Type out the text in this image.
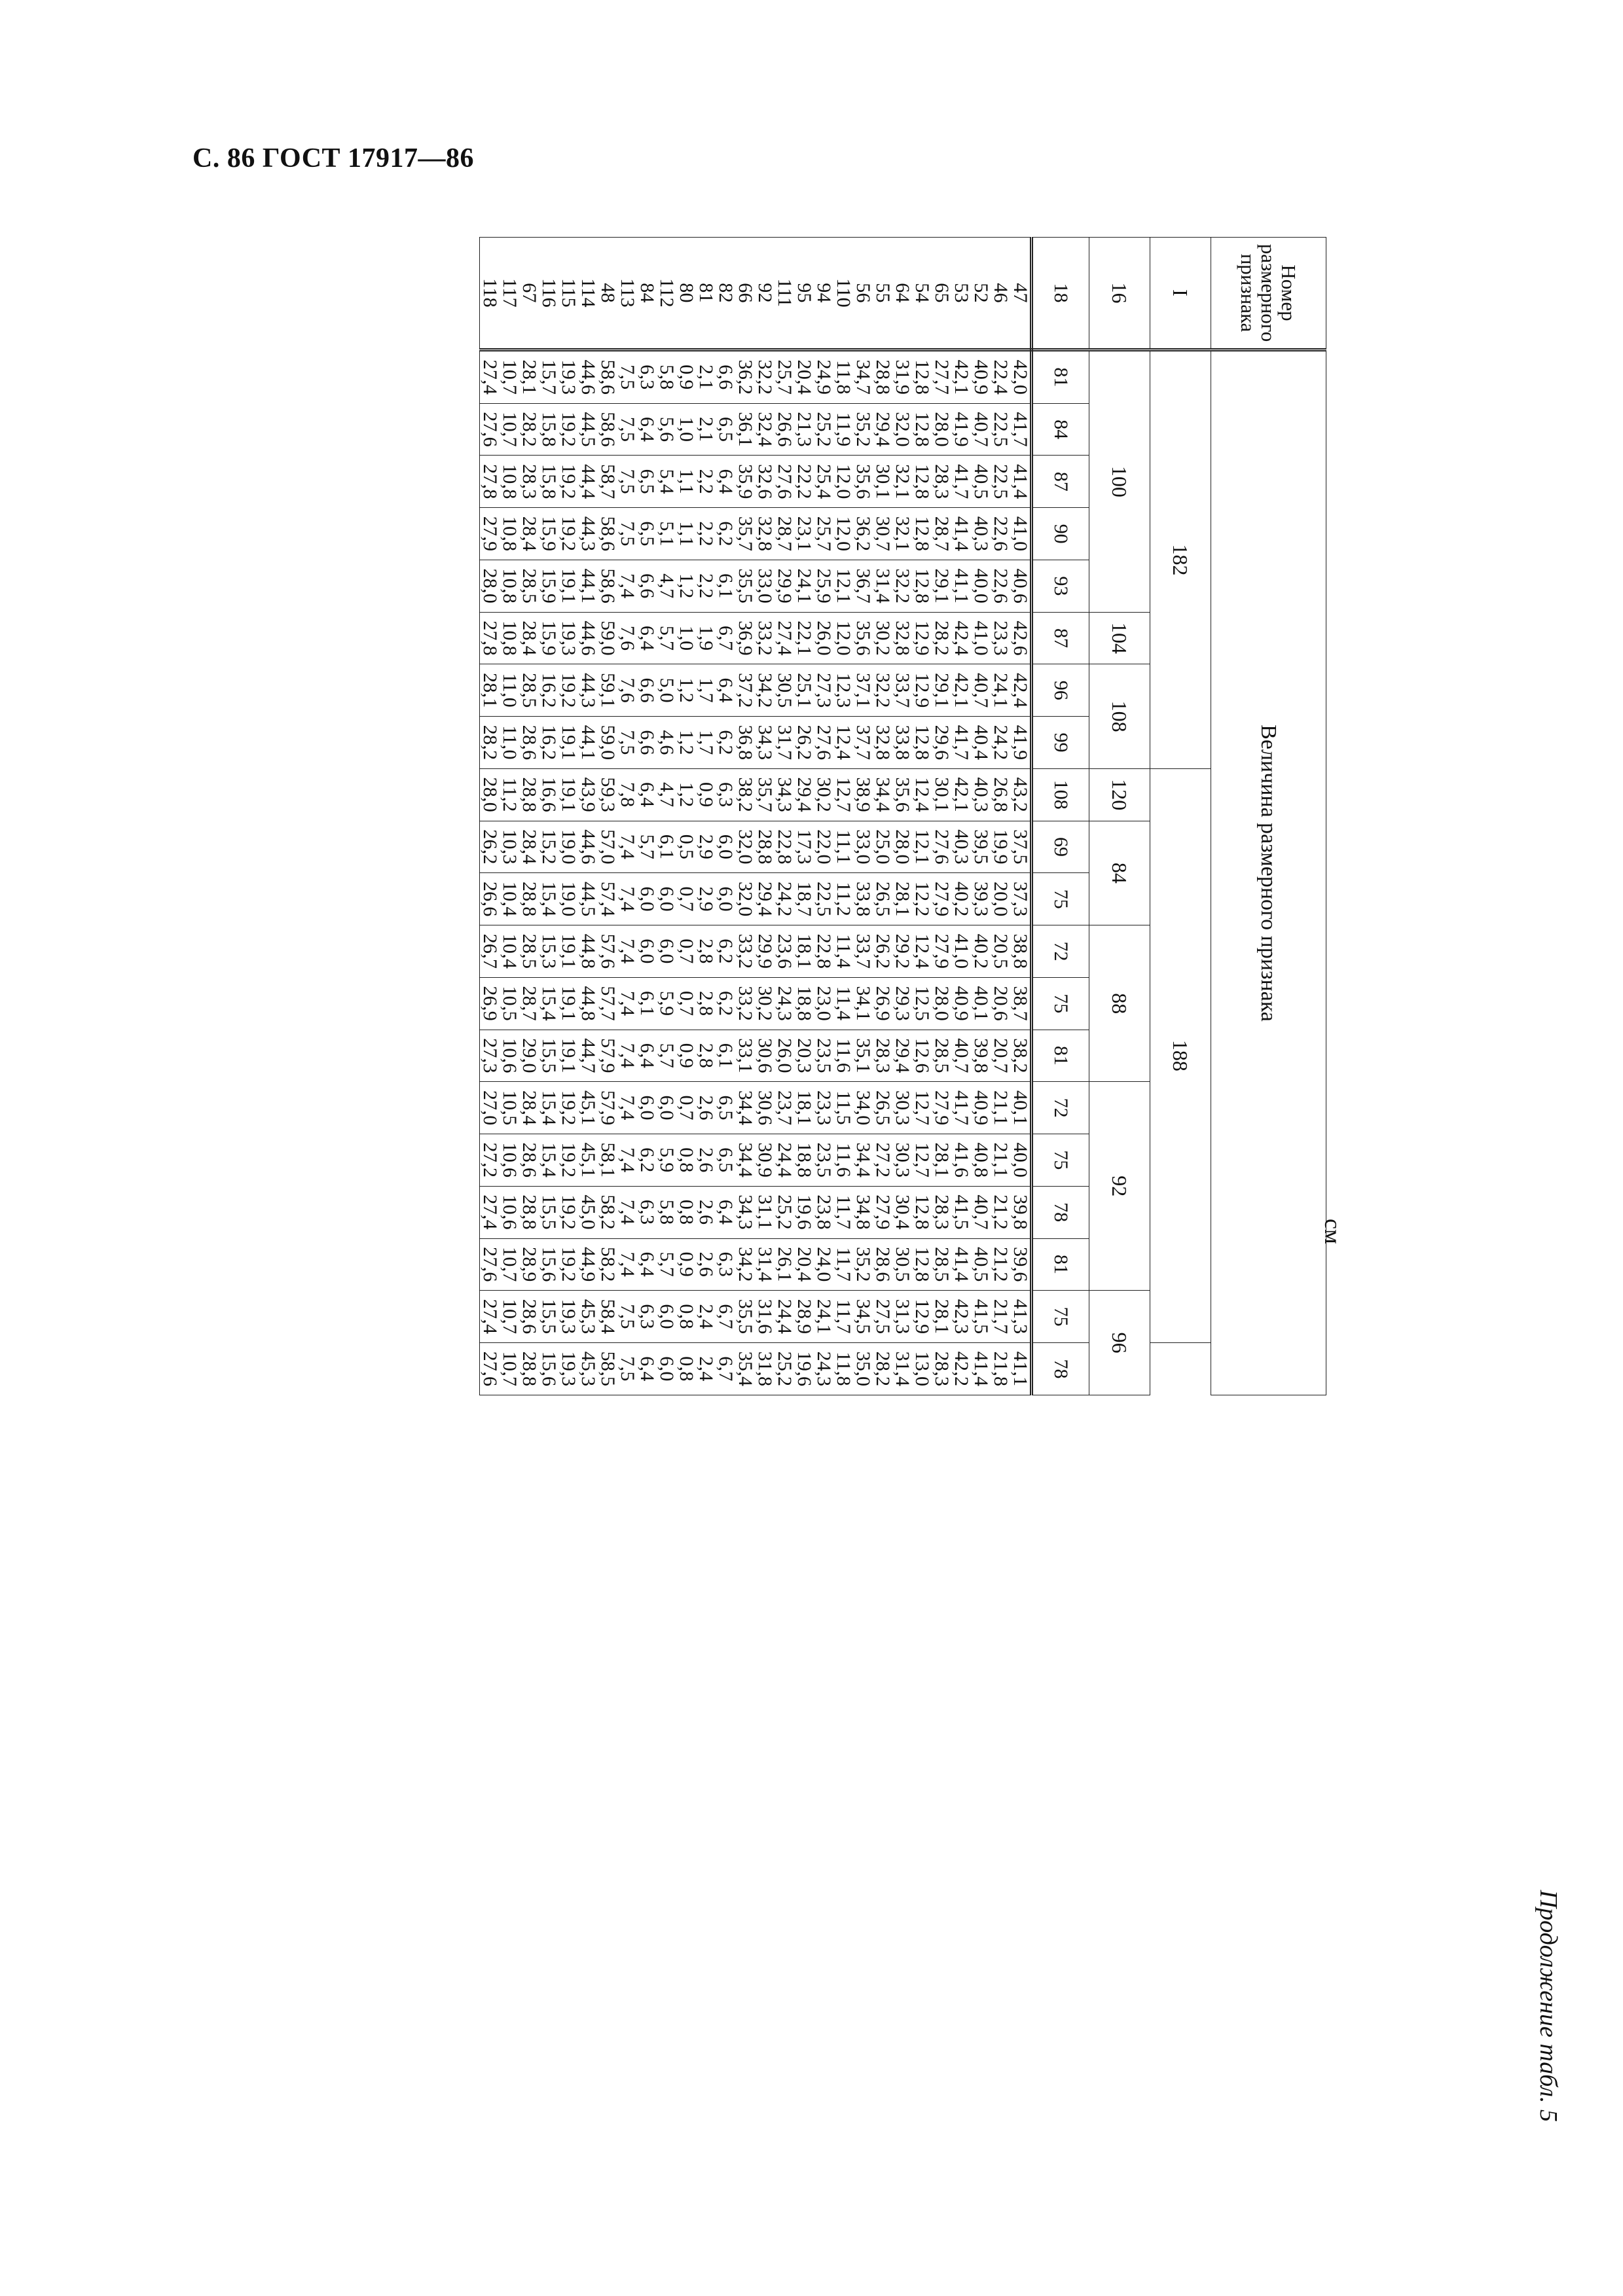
С. 86 ГОСТ 17917—86
Продолжение табл. 5
см
Номер размерного признака	Величина размерного признака																			
I	182								188											
16	100					104	108		120	84		88			92				96	
18	81	84	87	90	93	87	96	99	108	69	75	72	75	81	72	75	78	81	75	78
47	42,0	41,7	41,4	41,0	40,6	42,6	42,4	41,9	43,2	37,5	37,3	38,8	38,7	38,2	40,1	40,0	39,8	39,6	41,3	41,1
46	22,4	22,5	22,5	22,6	22,6	23,3	24,1	24,2	26,8	19,9	20,0	20,5	20,6	20,7	21,1	21,1	21,2	21,2	21,7	21,8
52	40,9	40,7	40,5	40,3	40,0	41,0	40,7	40,4	40,3	39,5	39,3	40,2	40,1	39,8	40,9	40,8	40,7	40,5	41,5	41,4
53	42,1	41,9	41,7	41,4	41,1	42,4	42,1	41,7	42,1	40,3	40,2	41,0	40,9	40,7	41,7	41,6	41,5	41,4	42,3	42,2
65	27,7	28,0	28,3	28,7	29,1	28,2	29,1	29,6	30,1	27,6	27,9	27,9	28,0	28,5	27,9	28,1	28,3	28,5	28,1	28,3
54	12,8	12,8	12,8	12,8	12,8	12,9	12,9	12,8	12,4	12,1	12,2	12,4	12,5	12,6	12,7	12,7	12,8	12,8	12,9	13,0
64	31,9	32,0	32,1	32,1	32,2	32,8	33,7	33,8	35,6	28,0	28,1	29,2	29,3	29,4	30,3	30,3	30,4	30,5	31,3	31,4
55	28,8	29,4	30,1	30,7	31,4	30,2	32,2	32,8	34,4	25,0	26,5	26,2	26,9	28,3	26,5	27,2	27,9	28,6	27,5	28,2
56	34,7	35,2	35,6	36,2	36,7	35,6	37,1	37,7	38,9	33,0	33,8	33,7	34,1	35,1	34,0	34,4	34,8	35,2	34,5	35,0
110	11,8	11,9	12,0	12,0	12,1	12,0	12,3	12,4	12,7	11,1	11,2	11,4	11,4	11,6	11,5	11,6	11,7	11,7	11,7	11,8
94	24,9	25,2	25,4	25,7	25,9	26,0	27,3	27,6	30,2	22,0	22,5	22,8	23,0	23,5	23,3	23,5	23,8	24,0	24,1	24,3
95	20,4	21,3	22,2	23,1	24,1	22,1	25,1	26,2	29,4	17,3	18,7	18,1	18,8	20,3	18,1	18,8	19,6	20,4	28,9	19,6
111	25,7	26,6	27,6	28,7	29,9	27,4	30,5	31,7	34,3	22,8	24,2	23,6	24,3	26,0	23,7	24,4	25,2	26,1	24,4	25,2
92	32,2	32,4	32,6	32,8	33,0	33,2	34,2	34,3	35,7	28,8	29,4	29,9	30,2	30,6	30,6	30,9	31,1	31,4	31,6	31,8
66	36,2	36,1	35,9	35,7	35,5	36,9	37,2	36,8	38,2	32,0	32,0	33,2	33,2	33,1	34,4	34,4	34,3	34,2	35,5	35,4
82	6,6	6,5	6,4	6,2	6,1	6,7	6,4	6,2	6,3	6,0	6,0	6,2	6,2	6,1	6,5	6,5	6,4	6,3	6,7	6,7
81	2,1	2,1	2,2	2,2	2,2	1,9	1,7	1,7	0,9	2,9	2,9	2,8	2,8	2,8	2,6	2,6	2,6	2,6	2,4	2,4
80	0,9	1,0	1,1	1,1	1,2	1,0	1,2	1,2	1,2	0,5	0,7	0,7	0,7	0,9	0,7	0,8	0,8	0,9	0,8	0,8
112	5,8	5,6	5,4	5,1	4,7	5,7	5,0	4,6	4,7	6,1	6,0	6,0	5,9	5,7	6,0	5,9	5,8	5,7	6,0	6,0
84	6,3	6,4	6,5	6,5	6,6	6,4	6,6	6,6	6,4	5,7	6,0	6,0	6,1	6,4	6,0	6,2	6,3	6,4	6,3	6,4
113	7,5	7,5	7,5	7,5	7,4	7,6	7,6	7,5	7,8	7,4	7,4	7,4	7,4	7,4	7,4	7,4	7,4	7,4	7,5	7,5
48	58,6	58,6	58,7	58,6	58,6	59,0	59,1	59,0	59,3	57,0	57,4	57,6	57,7	57,9	57,9	58,1	58,2	58,2	58,4	58,5
114	44,6	44,5	44,4	44,3	44,1	44,6	44,3	44,1	43,9	44,6	44,5	44,8	44,8	44,7	45,1	45,1	45,0	44,9	45,3	45,3
115	19,3	19,2	19,2	19,2	19,1	19,3	19,2	19,1	19,1	19,0	19,0	19,1	19,1	19,1	19,2	19,2	19,2	19,2	19,3	19,3
116	15,7	15,8	15,8	15,9	15,9	15,9	16,2	16,2	16,6	15,2	15,4	15,3	15,4	15,5	15,4	15,4	15,5	15,6	15,5	15,6
67	28,1	28,2	28,3	28,4	28,5	28,4	28,5	28,6	28,8	28,4	28,8	28,5	28,7	29,0	28,4	28,6	28,8	28,9	28,6	28,8
117	10,7	10,7	10,8	10,8	10,8	10,8	11,0	11,0	11,2	10,3	10,4	10,4	10,5	10,6	10,5	10,6	10,6	10,7	10,7	10,7
118	27,4	27,6	27,8	27,9	28,0	27,8	28,1	28,2	28,0	26,2	26,6	26,7	26,9	27,3	27,0	27,2	27,4	27,6	27,4	27,6
